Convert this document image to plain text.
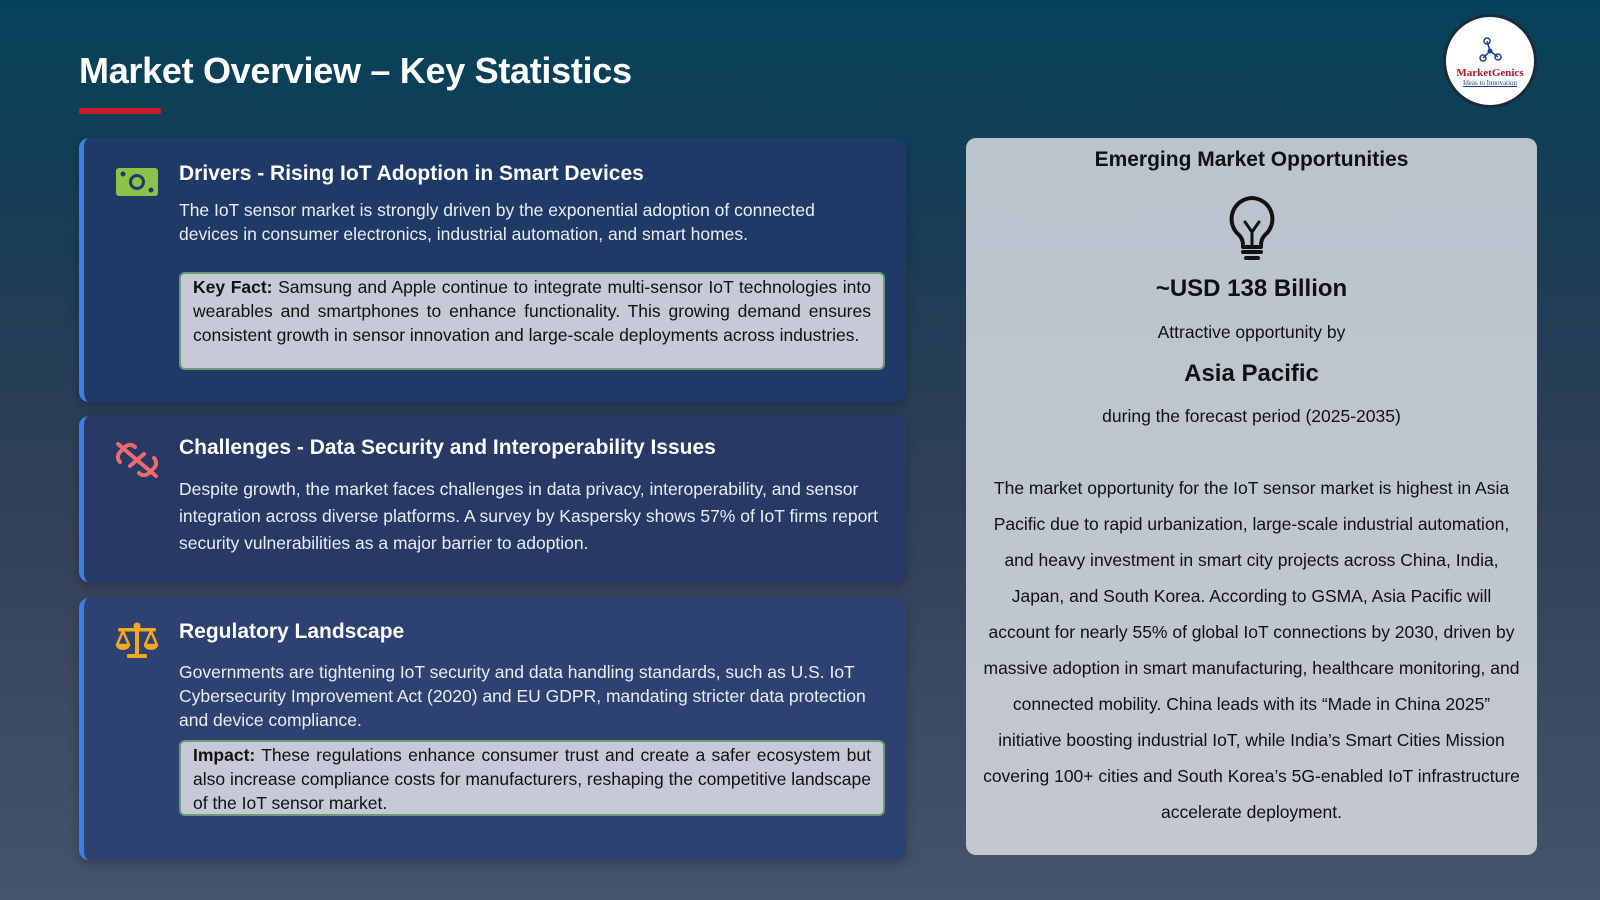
Market Overview – Key Statistics	MarketGenics
Ideas to Innovation
Drivers - Rising IoT Adoption in Smart Devices
The IoT sensor market is strongly driven by the exponential adoption of connected devices in consumer electronics, industrial automation, and smart homes.
Key Fact: Samsung and Apple continue to integrate multi-sensor IoT technologies into wearables and smartphones to enhance functionality. This growing demand ensures consistent growth in sensor innovation and large-scale deployments across industries.
Challenges - Data Security and Interoperability Issues
Despite growth, the market faces challenges in data privacy, interoperability, and sensor integration across diverse platforms. A survey by Kaspersky shows 57% of IoT firms report security vulnerabilities as a major barrier to adoption.
Regulatory Landscape
Governments are tightening IoT security and data handling standards, such as U.S. IoT Cybersecurity Improvement Act (2020) and EU GDPR, mandating stricter data protection and device compliance.
Impact: These regulations enhance consumer trust and create a safer ecosystem but also increase compliance costs for manufacturers, reshaping the competitive landscape of the IoT sensor market.
Emerging Market Opportunities
~USD 138 Billion
Attractive opportunity by
Asia Pacific
during the forecast period (2025-2035)
The market opportunity for the IoT sensor market is highest in Asia Pacific due to rapid urbanization, large-scale industrial automation, and heavy investment in smart city projects across China, India, Japan, and South Korea. According to GSMA, Asia Pacific will account for nearly 55% of global IoT connections by 2030, driven by massive adoption in smart manufacturing, healthcare monitoring, and connected mobility. China leads with its “Made in China 2025” initiative boosting industrial IoT, while India’s Smart Cities Mission covering 100+ cities and South Korea’s 5G-enabled IoT infrastructure accelerate deployment.
